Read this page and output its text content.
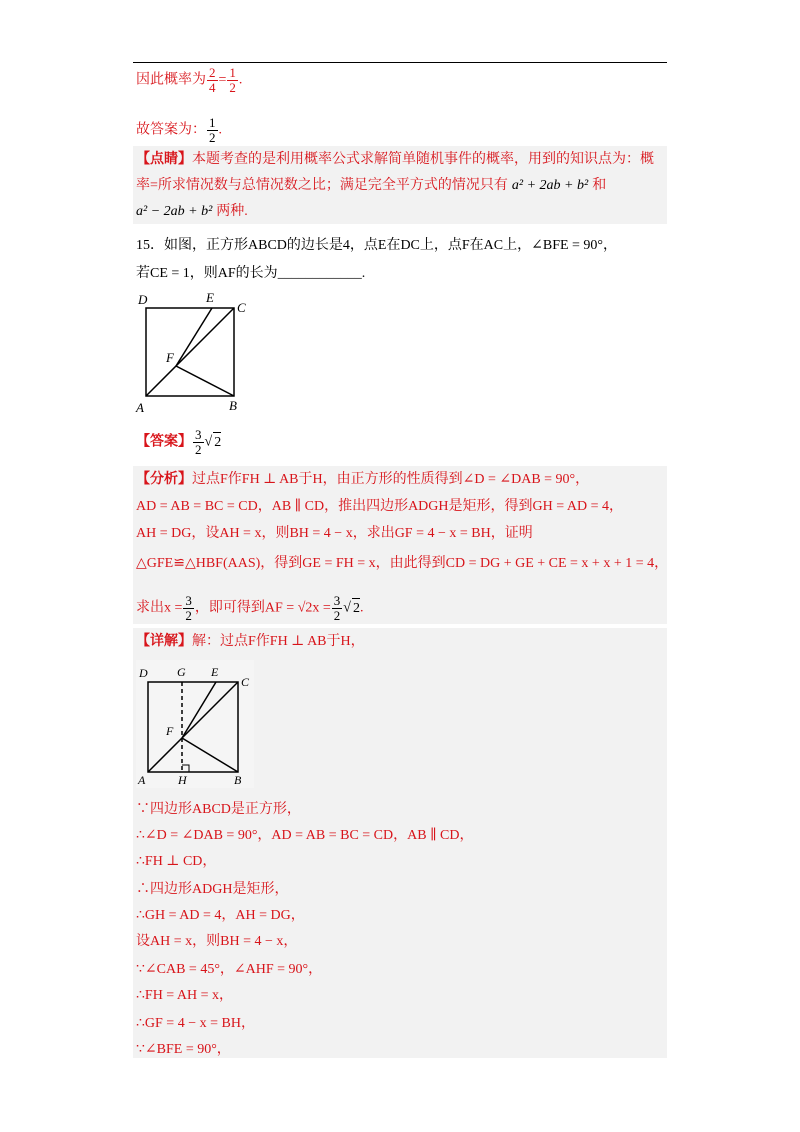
因此概率为 $\frac{2}{4} = \frac{1}{2}$ .
故答案为： $\frac{1}{2}$ .
【点睛】本题考查的是利用概率公式求解简单随机事件的概率，用到的知识点为：概
率=所求情况数与总情况数之比；满足完全平方式的情况只有 a² + 2ab + b² 和
a² − 2ab + b² 两种.
15．如图，正方形ABCD的边长是4，点E在DC上，点F在AC上，∠BFE = 90°，
若CE = 1，则AF的长为____________.
D	E
C
F
A	B
【答案】 $\frac{3}{2}$ √ 2
【分析】过点F作FH ⊥ AB于H，由正方形的性质得到∠D = ∠DAB = 90°，
AD = AB = BC = CD，AB ∥ CD，推出四边形ADGH是矩形，得到GH = AD = 4，
AH = DG，设AH = x，则BH = 4 − x，求出GF = 4 − x = BH，证明
△GFE≌△HBF(AAS)，得到GE = FH = x，由此得到CD = DG + GE + CE = x + x + 1 = 4，
求出$x = \frac{3}{2}$ ，即可得到AF = $√2x = \frac{3}{2}$ √ 2.
【详解】解：过点F作FH ⊥ AB于H，
D G E
C
F
A	H	B
∵四边形ABCD是正方形，
∴∠D = ∠DAB = 90°，AD = AB = BC = CD，AB ∥ CD，
∴FH ⊥ CD，
∴四边形ADGH是矩形，
∴GH = AD = 4，AH = DG，
设AH = x，则BH = 4 − x，
∵∠CAB = 45°，∠AHF = 90°，
∴FH = AH = x，
∴GF = 4 − x = BH，
∵∠BFE = 90°，
